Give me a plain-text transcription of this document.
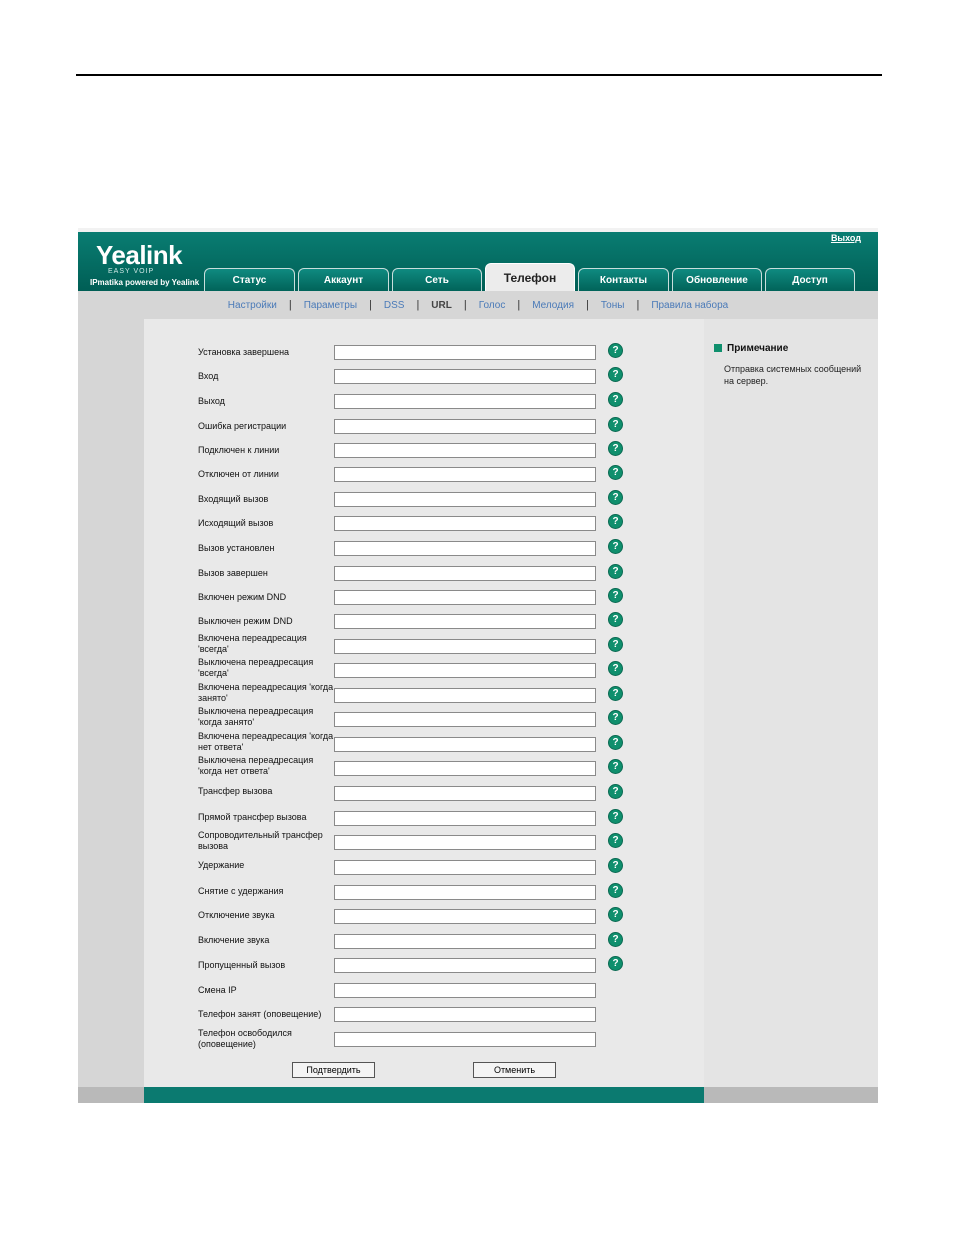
Yealink
EASY VOIP
IPmatika powered by Yealink
Выход
Статус	Аккаунт	Сеть	Телефон	Контакты	Обновление	Доступ
Настройки	|	Параметры	|	DSS	|	URL	|	Голос	|	Мелодия	|	Тоны	|	Правила набора
Установка завершена	?
Вход	?
Выход	?
Ошибка регистрации	?
Подключен к линии	?
Отключен от линии	?
Входящий вызов	?
Исходящий вызов	?
Вызов установлен	?
Вызов завершен	?
Включен режим DND	?
Выключен режим DND	?
Включена переадресация 'всегда'	?
Выключена переадресация 'всегда'	?
Включена переадресация 'когда занято'	?
Выключена переадресация 'когда занято'	?
Включена переадресация 'когда нет ответа'	?
Выключена переадресация 'когда нет ответа'	?
Трансфер вызова	?
Прямой трансфер вызова	?
Сопроводительный трансфер вызова	?
Удержание	?
Снятие с удержания	?
Отключение звука	?
Включение звука	?
Пропущенный вызов	?
Смена IP
Телефон занят (оповещение)
Телефон освободился (оповещение)
Примечание
Отправка системных сообщений на сервер.
Подтвердить	Отменить
